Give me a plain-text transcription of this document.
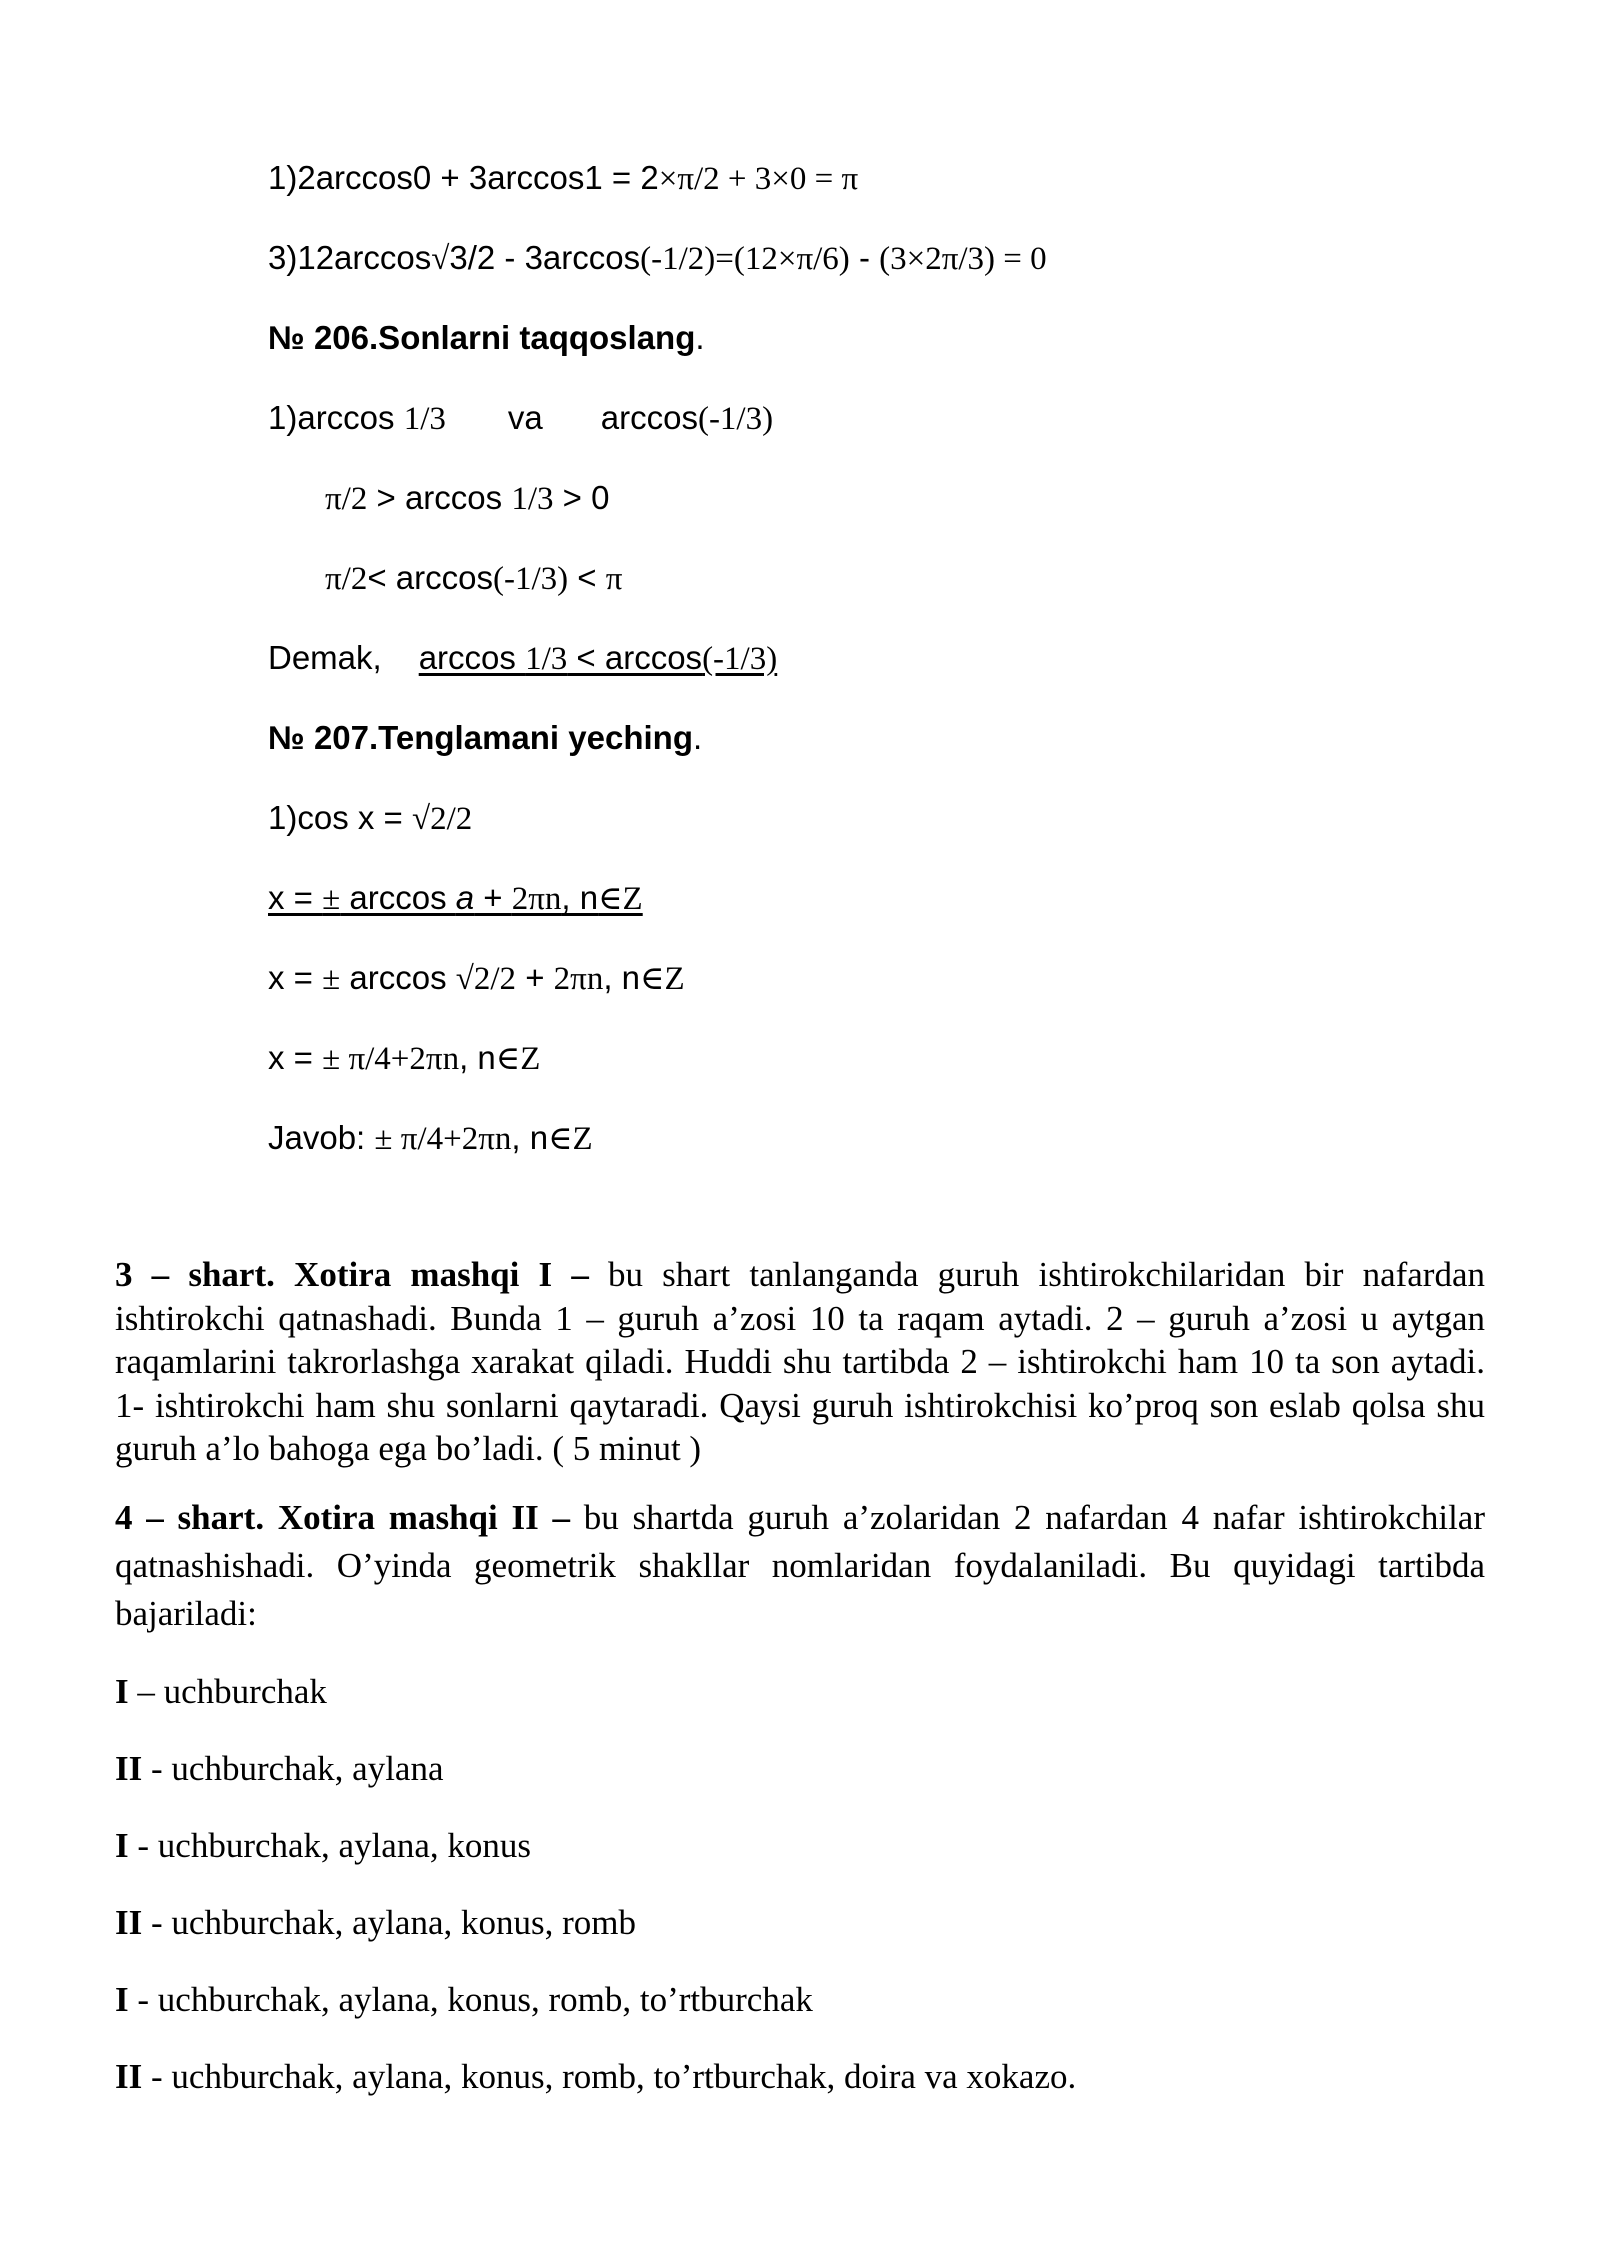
1)2arccos0 + 3arccos1 = 2×π/2 + 3×0 = π
3)12arccos√3/2 - 3arccos(-1/2)=(12×π/6) - (3×2π/3) = 0
№ 206.Sonlarni taqqoslang.
1)arccos 1/3 va arccos(-1/3)
π/2 > arccos 1/3 > 0
π/2< arccos(-1/3) < π
Demak, arccos 1/3 < arccos(-1/3)
№ 207.Tenglamani yeching.
1)cos x = √2/2
x = ± arccos a + 2πn, n∈Z
x = ± arccos √2/2 + 2πn, n∈Z
x = ± π/4+2πn, n∈Z
Javob: ± π/4+2πn, n∈Z

3 – shart. Xotira mashqi I – bu shart tanlanganda guruh ishtirokchilaridan bir nafardan ishtirokchi qatnashadi. Bunda 1 – guruh a’zosi 10 ta raqam aytadi. 2 – guruh a’zosi u aytgan raqamlarini takrorlashga xarakat qiladi. Huddi shu tartibda 2 – ishtirokchi ham 10 ta son aytadi. 1- ishtirokchi ham shu sonlarni qaytaradi. Qaysi guruh ishtirokchisi ko’proq son eslab qolsa shu guruh a’lo bahoga ega bo’ladi. ( 5 minut )

4 – shart. Xotira mashqi II – bu shartda guruh a’zolaridan 2 nafardan 4 nafar ishtirokchilar qatnashishadi. O’yinda geometrik shakllar nomlaridan foydalaniladi. Bu quyidagi tartibda bajariladi:

I – uchburchak
II - uchburchak, aylana
I - uchburchak, aylana, konus
II - uchburchak, aylana, konus, romb
I - uchburchak, aylana, konus, romb, to’rtburchak
II - uchburchak, aylana, konus, romb, to’rtburchak, doira va xokazo.
